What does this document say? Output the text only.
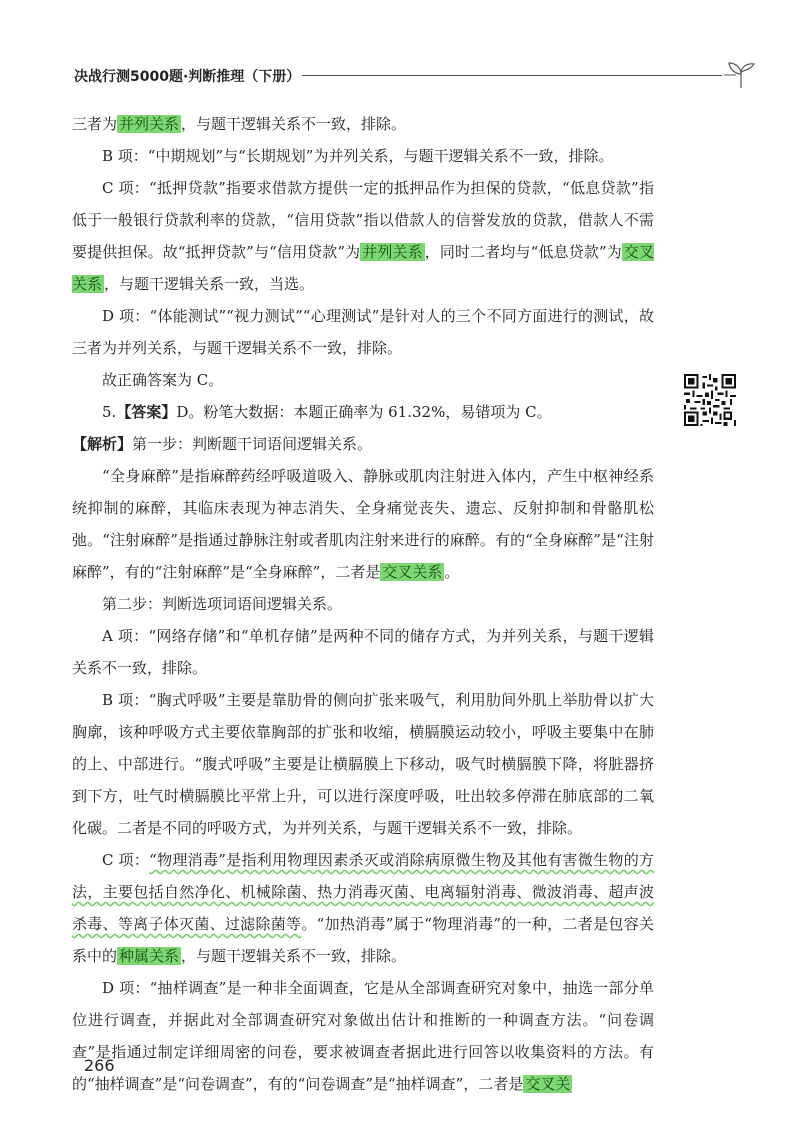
决战行测5000题·判断推理（下册）

三者为 并列关系 ，与题干逻辑关系不一致，排除。

B 项：“中期规划”与“长期规划”为并列关系，与题干逻辑关系不一致，排除。

C 项：“抵押贷款”指要求借款方提供一定的抵押品作为担保的贷款，“低息贷款”指低于一般银行贷款利率的贷款，“信用贷款”指以借款人的信誉发放的贷款，借款人不需要提供担保。故“抵押贷款”与“信用贷款”为 并列关系 ，同时二者均与“低息贷款”为 交叉关系 ，与题干逻辑关系一致，当选。

D 项：“体能测试”“视力测试”“心理测试”是针对人的三个不同方面进行的测试，故三者为并列关系，与题干逻辑关系不一致，排除。

故正确答案为 C。

5.【答案】D。粉笔大数据：本题正确率为 61.32%，易错项为 C。

【解析】第一步：判断题干词语间逻辑关系。

“全身麻醉”是指麻醉药经呼吸道吸入、静脉或肌肉注射进入体内，产生中枢神经系统抑制的麻醉，其临床表现为神志消失、全身痛觉丧失、遗忘、反射抑制和骨骼肌松弛。“注射麻醉”是指通过静脉注射或者肌肉注射来进行的麻醉。有的“全身麻醉”是“注射麻醉”，有的“注射麻醉”是“全身麻醉”，二者是 交叉关系 。

第二步：判断选项词语间逻辑关系。

A 项：“网络存储”和“单机存储”是两种不同的储存方式，为并列关系，与题干逻辑关系不一致，排除。

B 项：“胸式呼吸”主要是靠肋骨的侧向扩张来吸气，利用肋间外肌上举肋骨以扩大胸廓，该种呼吸方式主要依靠胸部的扩张和收缩，横膈膜运动较小，呼吸主要集中在肺的上、中部进行。“腹式呼吸”主要是让横膈膜上下移动，吸气时横膈膜下降，将脏器挤到下方，吐气时横膈膜比平常上升，可以进行深度呼吸，吐出较多停滞在肺底部的二氧化碳。二者是不同的呼吸方式，为并列关系，与题干逻辑关系不一致，排除。

C 项：“物理消毒”是指利用物理因素杀灭或消除病原微生物及其他有害微生物的方法，主要包括自然净化、机械除菌、热力消毒灭菌、电离辐射消毒、微波消毒、超声波杀毒、等离子体灭菌、过滤除菌等。“加热消毒”属于“物理消毒”的一种，二者是包容关系中的 种属关系 ，与题干逻辑关系不一致，排除。

D 项：“抽样调查”是一种非全面调查，它是从全部调查研究对象中，抽选一部分单位进行调查，并据此对全部调查研究对象做出估计和推断的一种调查方法。“问卷调查”是指通过制定详细周密的问卷，要求被调查者据此进行回答以收集资料的方法。有的“抽样调查”是“问卷调查”，有的“问卷调查”是“抽样调查”，二者是 交叉关

266
